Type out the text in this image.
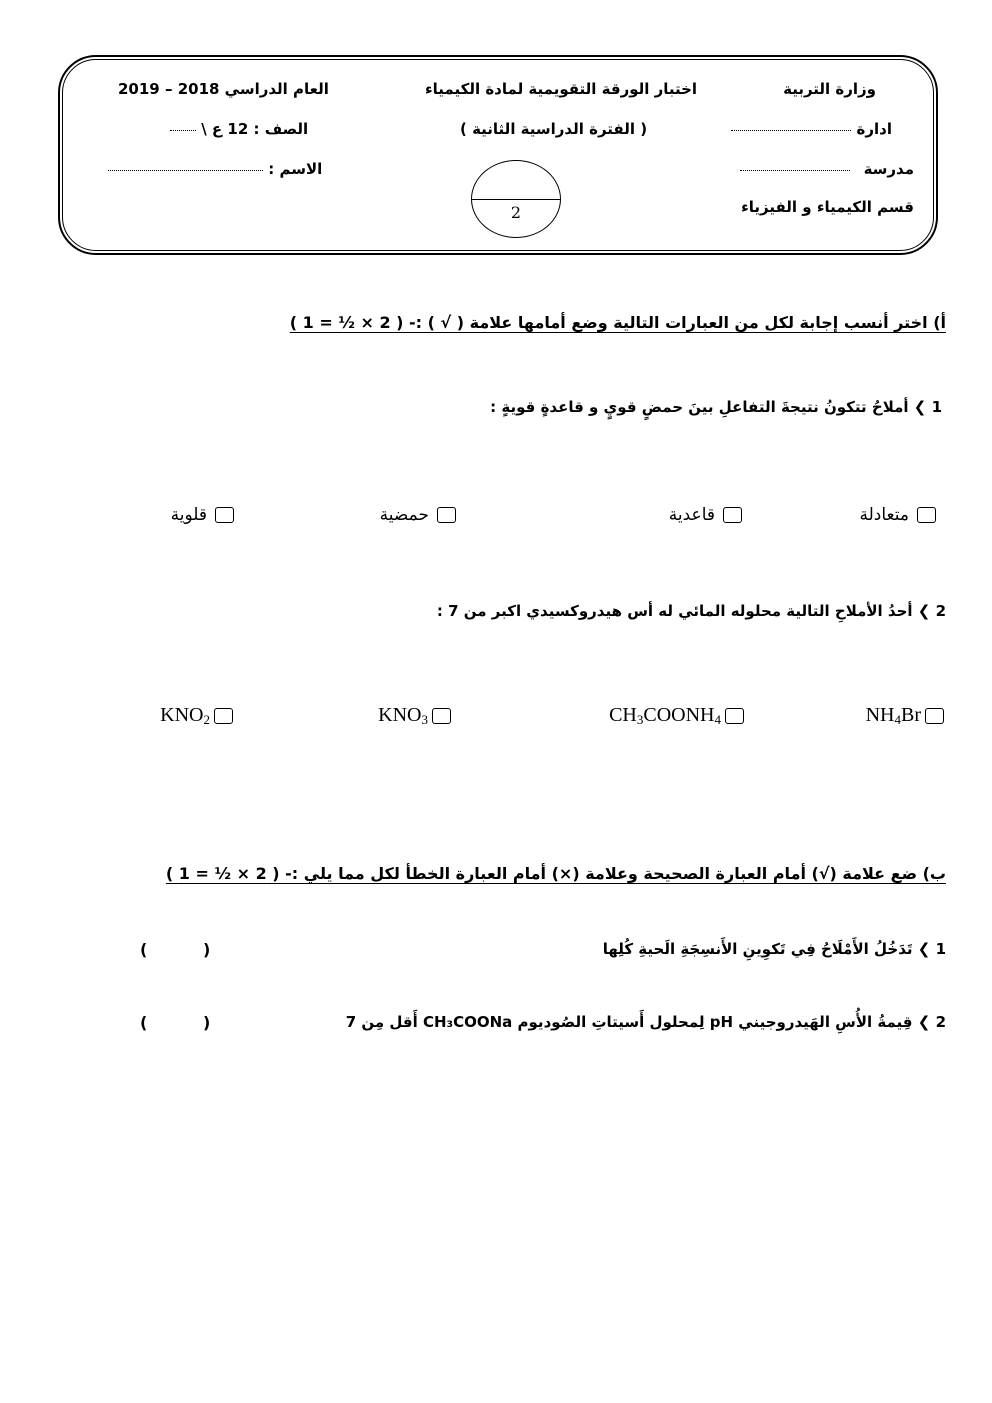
وزارة التربية
ادارة
مدرسة
قسم الكيمياء و الفيزياء
اختبار الورقة التقويمية لمادة الكيمياء
( الفترة الدراسية الثانية )
2
العام الدراسي 2018 – 2019
الصف : 12 ع \
الاسم :
أ) اختر أنسب إجابة لكل من العبارات التالية وضع أمامها علامة ( √ ) :- ( 2 × ½ = 1 )
1 ❯ أملاحُ تتكونُ نتيجةَ التفاعلِ بينَ حمضٍ قويٍ و قاعدةٍ قويةٍ :
متعادلة
قاعدية
حمضية
قلوية
2 ❯ أحدُ الأملاحِ التالية محلوله المائي له أس هيدروكسيدي اكبر من 7 :
$NH_4Br$
$CH_3COONH_4$
$KNO_3$
$KNO_2$
ب) ضع علامة (√) أمام العبارة الصحيحة وعلامة (×) أمام العبارة الخطأ لكل مما يلي :- ( 2 × ½ = 1 )
1 ❯ تَدَخُلُ الأَمْلَاحُ فِي تَكوِينِ الأَنسِجَةِ الَحيةِ كُلِها
(          )
2 ❯ قِيمةُ الأُسِ الهَيدروجيني pH لِمحلول أَسيتاتِ الصُوديوم CH₃COONa أَقل مِن 7
(          )
